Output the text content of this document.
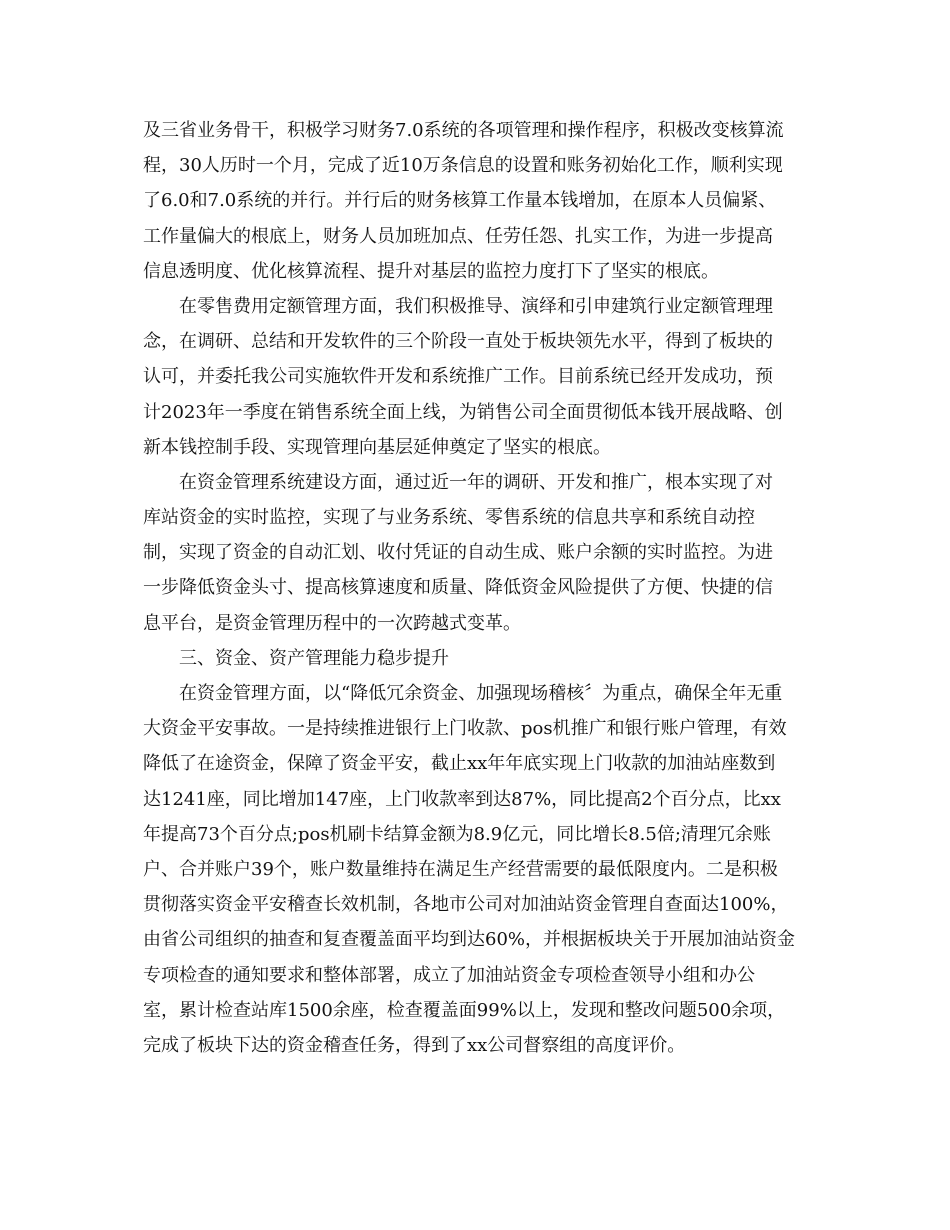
及三省业务骨干，积极学习财务7.0系统的各项管理和操作程序，积极改变核算流
程，30人历时一个月，完成了近10万条信息的设置和账务初始化工作，顺利实现
了6.0和7.0系统的并行。并行后的财务核算工作量本钱增加，在原本人员偏紧、
工作量偏大的根底上，财务人员加班加点、任劳任怨、扎实工作，为进一步提高
信息透明度、优化核算流程、提升对基层的监控力度打下了坚实的根底。
在零售费用定额管理方面，我们积极推导、演绎和引申建筑行业定额管理理
念，在调研、总结和开发软件的三个阶段一直处于板块领先水平，得到了板块的
认可，并委托我公司实施软件开发和系统推广工作。目前系统已经开发成功，预
计2023年一季度在销售系统全面上线，为销售公司全面贯彻低本钱开展战略、创
新本钱控制手段、实现管理向基层延伸奠定了坚实的根底。
在资金管理系统建设方面，通过近一年的调研、开发和推广，根本实现了对
库站资金的实时监控，实现了与业务系统、零售系统的信息共享和系统自动控
制，实现了资金的自动汇划、收付凭证的自动生成、账户余额的实时监控。为进
一步降低资金头寸、提高核算速度和质量、降低资金风险提供了方便、快捷的信
息平台，是资金管理历程中的一次跨越式变革。
三、资金、资产管理能力稳步提升
在资金管理方面，以“降低冗余资金、加强现场稽核〞为重点，确保全年无重
大资金平安事故。一是持续推进银行上门收款、pos机推广和银行账户管理，有效
降低了在途资金，保障了资金平安，截止xx年年底实现上门收款的加油站座数到
达1241座，同比增加147座，上门收款率到达87%，同比提高2个百分点，比xx
年提高73个百分点;pos机刷卡结算金额为8.9亿元，同比增长8.5倍;清理冗余账
户、合并账户39个，账户数量维持在满足生产经营需要的最低限度内。二是积极
贯彻落实资金平安稽查长效机制，各地市公司对加油站资金管理自查面达100%，
由省公司组织的抽查和复查覆盖面平均到达60%，并根据板块关于开展加油站资金
专项检查的通知要求和整体部署，成立了加油站资金专项检查领导小组和办公
室，累计检查站库1500余座，检查覆盖面99%以上，发现和整改问题500余项，
完成了板块下达的资金稽查任务，得到了xx公司督察组的高度评价。
